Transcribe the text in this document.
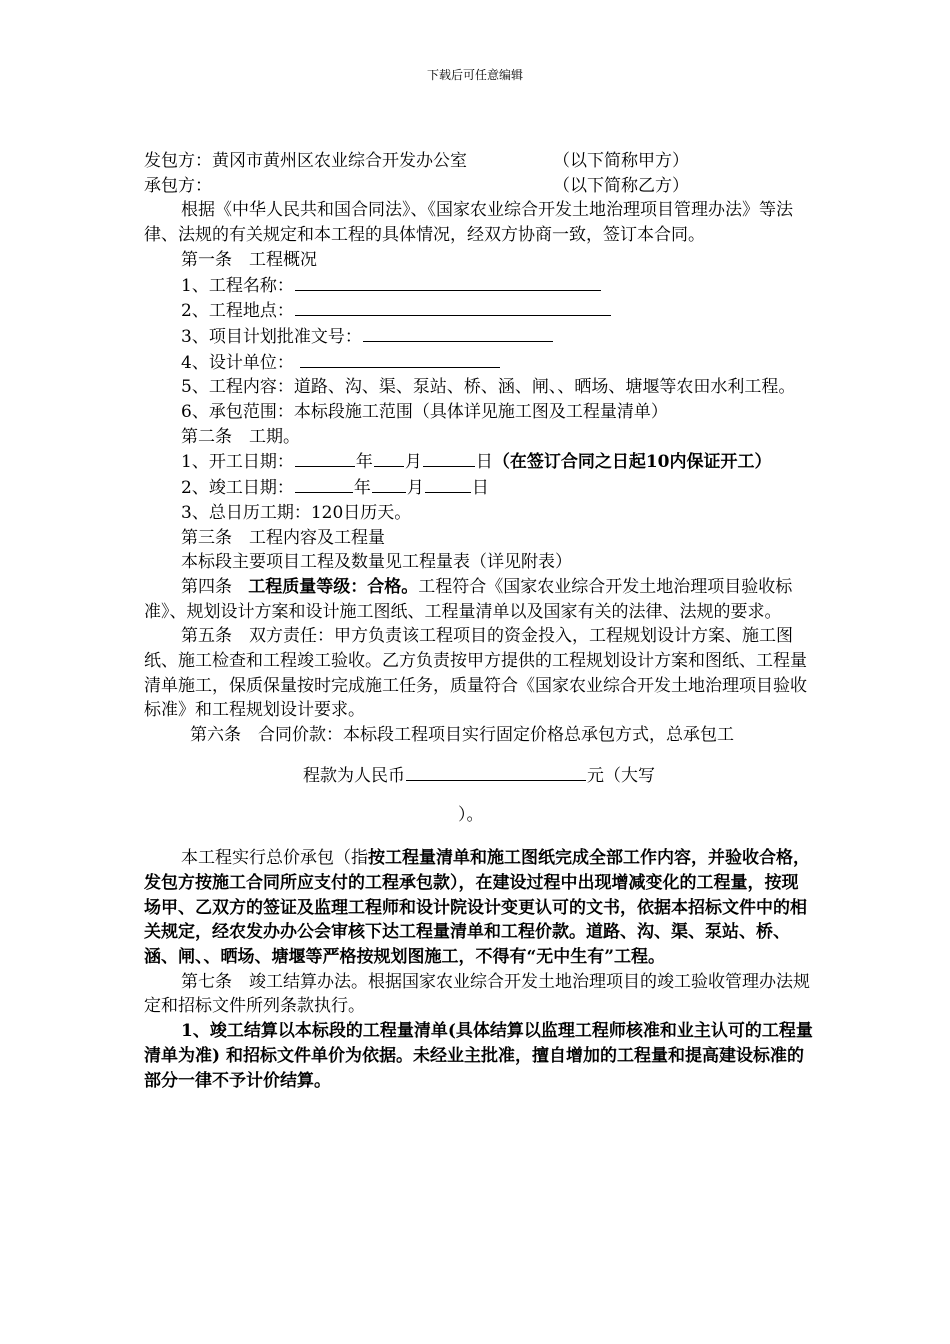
下载后可任意编辑
发包方：黄冈市黄州区农业综合开发办公室	（以下简称甲方）
承包方：	（以下简称乙方）

根据《中华人民共和国合同法》、《国家农业综合开发土地治理项目管理办法》等法律、法规的有关规定和本工程的具体情况，经双方协商一致，签订本合同。

第一条　工程概况
1、工程名称：
2、工程地点：
3、项目计划批准文号：
4、设计单位：

5、工程内容：道路、沟、渠、泵站、桥、涵、闸、、晒场、塘堰等农田水利工程。

6、承包范围：本标段施工范围（具体详见施工图及工程量清单）
第二条　工期。

1、开工日期：	年 月	日（在签订合同之日起10内保证开工）

2、竣工日期：	年 月	日
3、总日历工期：120日历天。
第三条　工程内容及工程量
本标段主要项目工程及数量见工程量表（详见附表）

第四条 工程质量等级：合格。工程符合《国家农业综合开发土地治理项目验收标准》、规划设计方案和设计施工图纸、工程量清单以及国家有关的法律、法规的要求。

第五条　双方责任：甲方负责该工程项目的资金投入，工程规划设计方案、施工图纸、施工检查和工程竣工验收。乙方负责按甲方提供的工程规划设计方案和图纸、工程量清单施工，保质保量按时完成施工任务，质量符合《国家农业综合开发土地治理项目验收标准》和工程规划设计要求。

第六条　合同价款：本标段工程项目实行固定价格总承包方式，总承包工
程款为人民币	元（大写
）。

本工程实行总价承包（指按工程量清单和施工图纸完成全部工作内容，并验收合格，发包方按施工合同所应支付的工程承包款），在建设过程中出现增减变化的工程量，按现场甲、乙双方的签证及监理工程师和设计院设计变更认可的文书，依据本招标文件中的相关规定，经农发办办公会审核下达工程量清单和工程价款。道路、沟、渠、泵站、桥、涵、闸、、晒场、塘堰等严格按规划图施工，不得有“无中生有”工程。

第七条　竣工结算办法。根据国家农业综合开发土地治理项目的竣工验收管理办法规定和招标文件所列条款执行。

1、竣工结算以本标段的工程量清单(具体结算以监理工程师核准和业主认可的工程量清单为准) 和招标文件单价为依据。未经业主批准，擅自增加的工程量和提高建设标准的部分一律不予计价结算。
